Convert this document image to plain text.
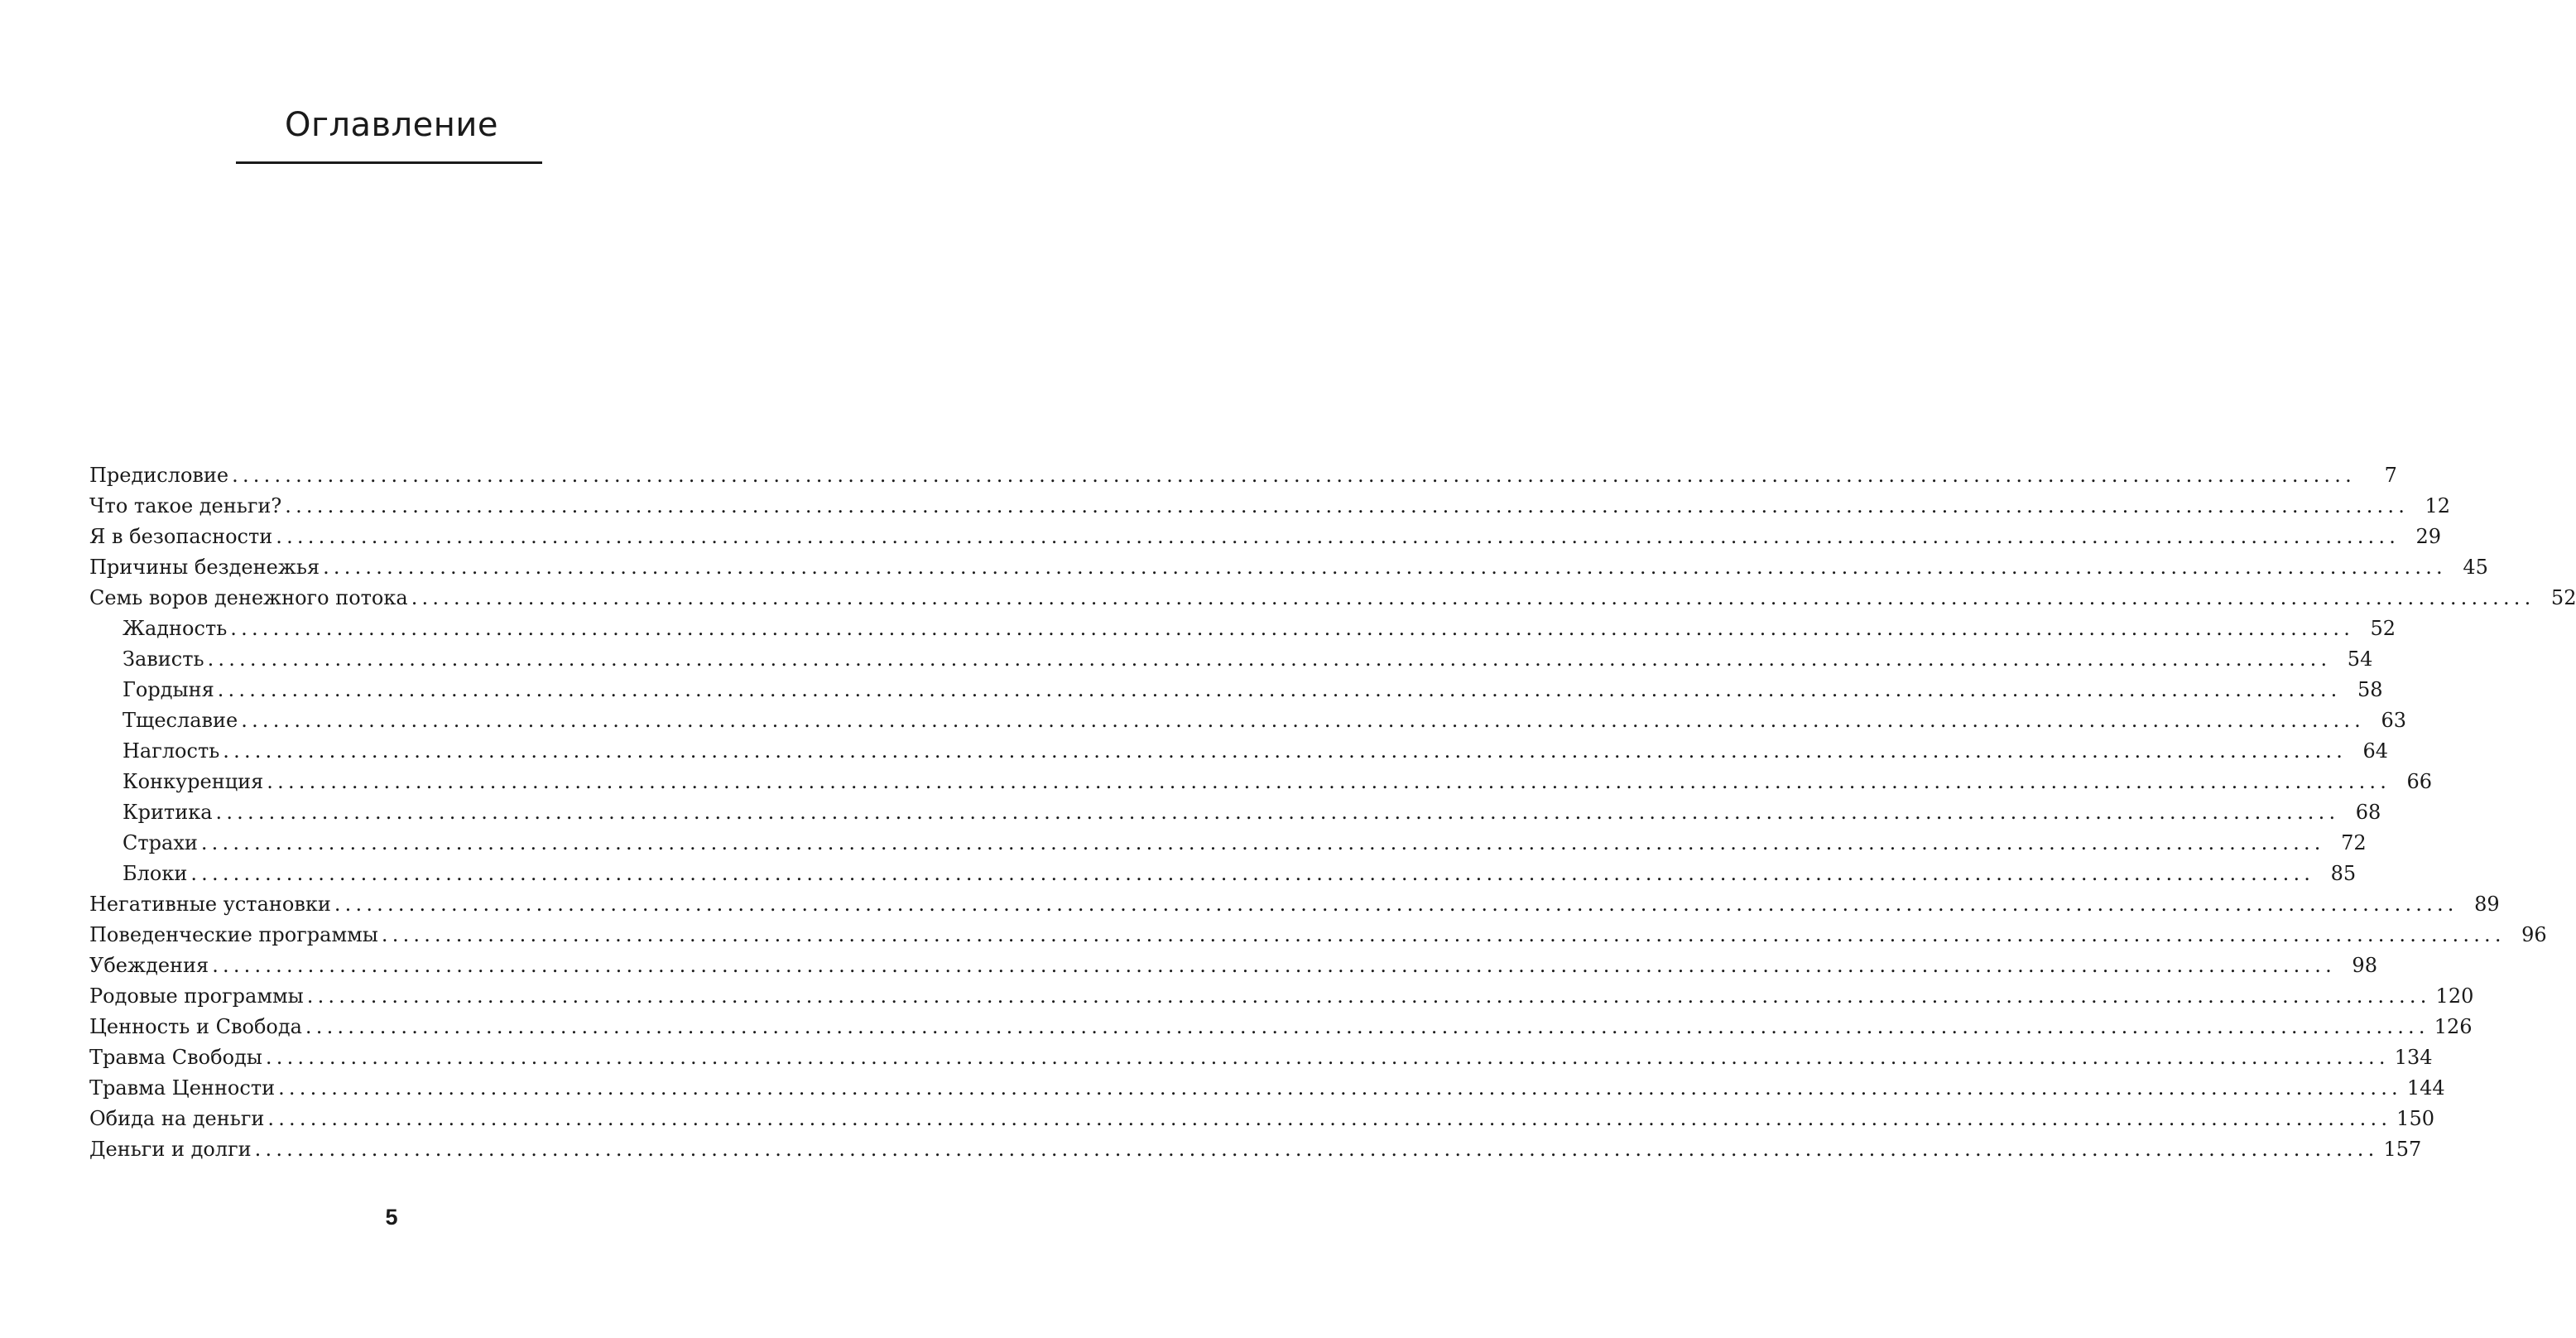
Оглавление
Предисловие ........................................................................................................................................................................................................	7
Что такое деньги? ........................................................................................................................................................................................................ 12
Я в безопасности ........................................................................................................................................................................................................ 29
Причины безденежья ........................................................................................................................................................................................................ 45
Семь воров денежного потока ........................................................................................................................................................................................................ 52
Жадность ........................................................................................................................................................................................................ 52
Зависть ........................................................................................................................................................................................................ 54
Гордыня ........................................................................................................................................................................................................ 58
Тщеславие ........................................................................................................................................................................................................ 63
Наглость ........................................................................................................................................................................................................ 64
Конкуренция ........................................................................................................................................................................................................ 66
Критика ........................................................................................................................................................................................................ 68
Страхи ........................................................................................................................................................................................................ 72
Блоки ........................................................................................................................................................................................................ 85
Негативные установки ........................................................................................................................................................................................................ 89
Поведенческие программы ........................................................................................................................................................................................................ 96
Убеждения ........................................................................................................................................................................................................ 98
Родовые программы ........................................................................................................................................................................................................ 120
Ценность и Свобода ........................................................................................................................................................................................................ 126
Травма Свободы ........................................................................................................................................................................................................ 134
Травма Ценности ........................................................................................................................................................................................................ 144
Обида на деньги ........................................................................................................................................................................................................ 150
Деньги и долги ........................................................................................................................................................................................................ 157
5
